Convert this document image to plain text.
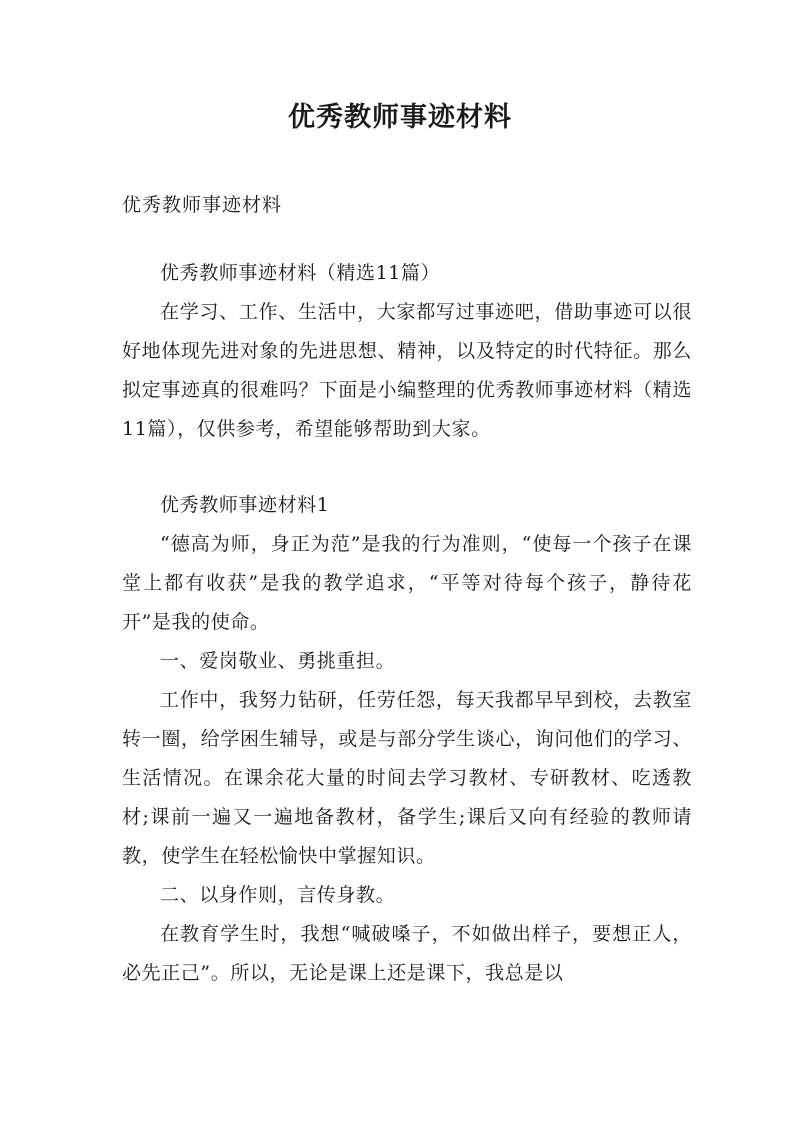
优秀教师事迹材料
优秀教师事迹材料

优秀教师事迹材料（精选11篇）

在学习、工作、生活中，大家都写过事迹吧，借助事迹可以很好地体现先进对象的先进思想、精神，以及特定的时代特征。那么拟定事迹真的很难吗？下面是小编整理的优秀教师事迹材料（精选11篇），仅供参考，希望能够帮助到大家。

优秀教师事迹材料1

“德高为师，身正为范”是我的行为准则，“使每一个孩子在课堂上都有收获”是我的教学追求，“平等对待每个孩子，静待花开”是我的使命。

一、爱岗敬业、勇挑重担。

工作中，我努力钻研，任劳任怨，每天我都早早到校，去教室转一圈，给学困生辅导，或是与部分学生谈心，询问他们的学习、生活情况。在课余花大量的时间去学习教材、专研教材、吃透教材;课前一遍又一遍地备教材，备学生;课后又向有经验的教师请教，使学生在轻松愉快中掌握知识。

二、以身作则，言传身教。

在教育学生时，我想“喊破嗓子，不如做出样子，要想正人，必先正己”。所以，无论是课上还是课下，我总是以
